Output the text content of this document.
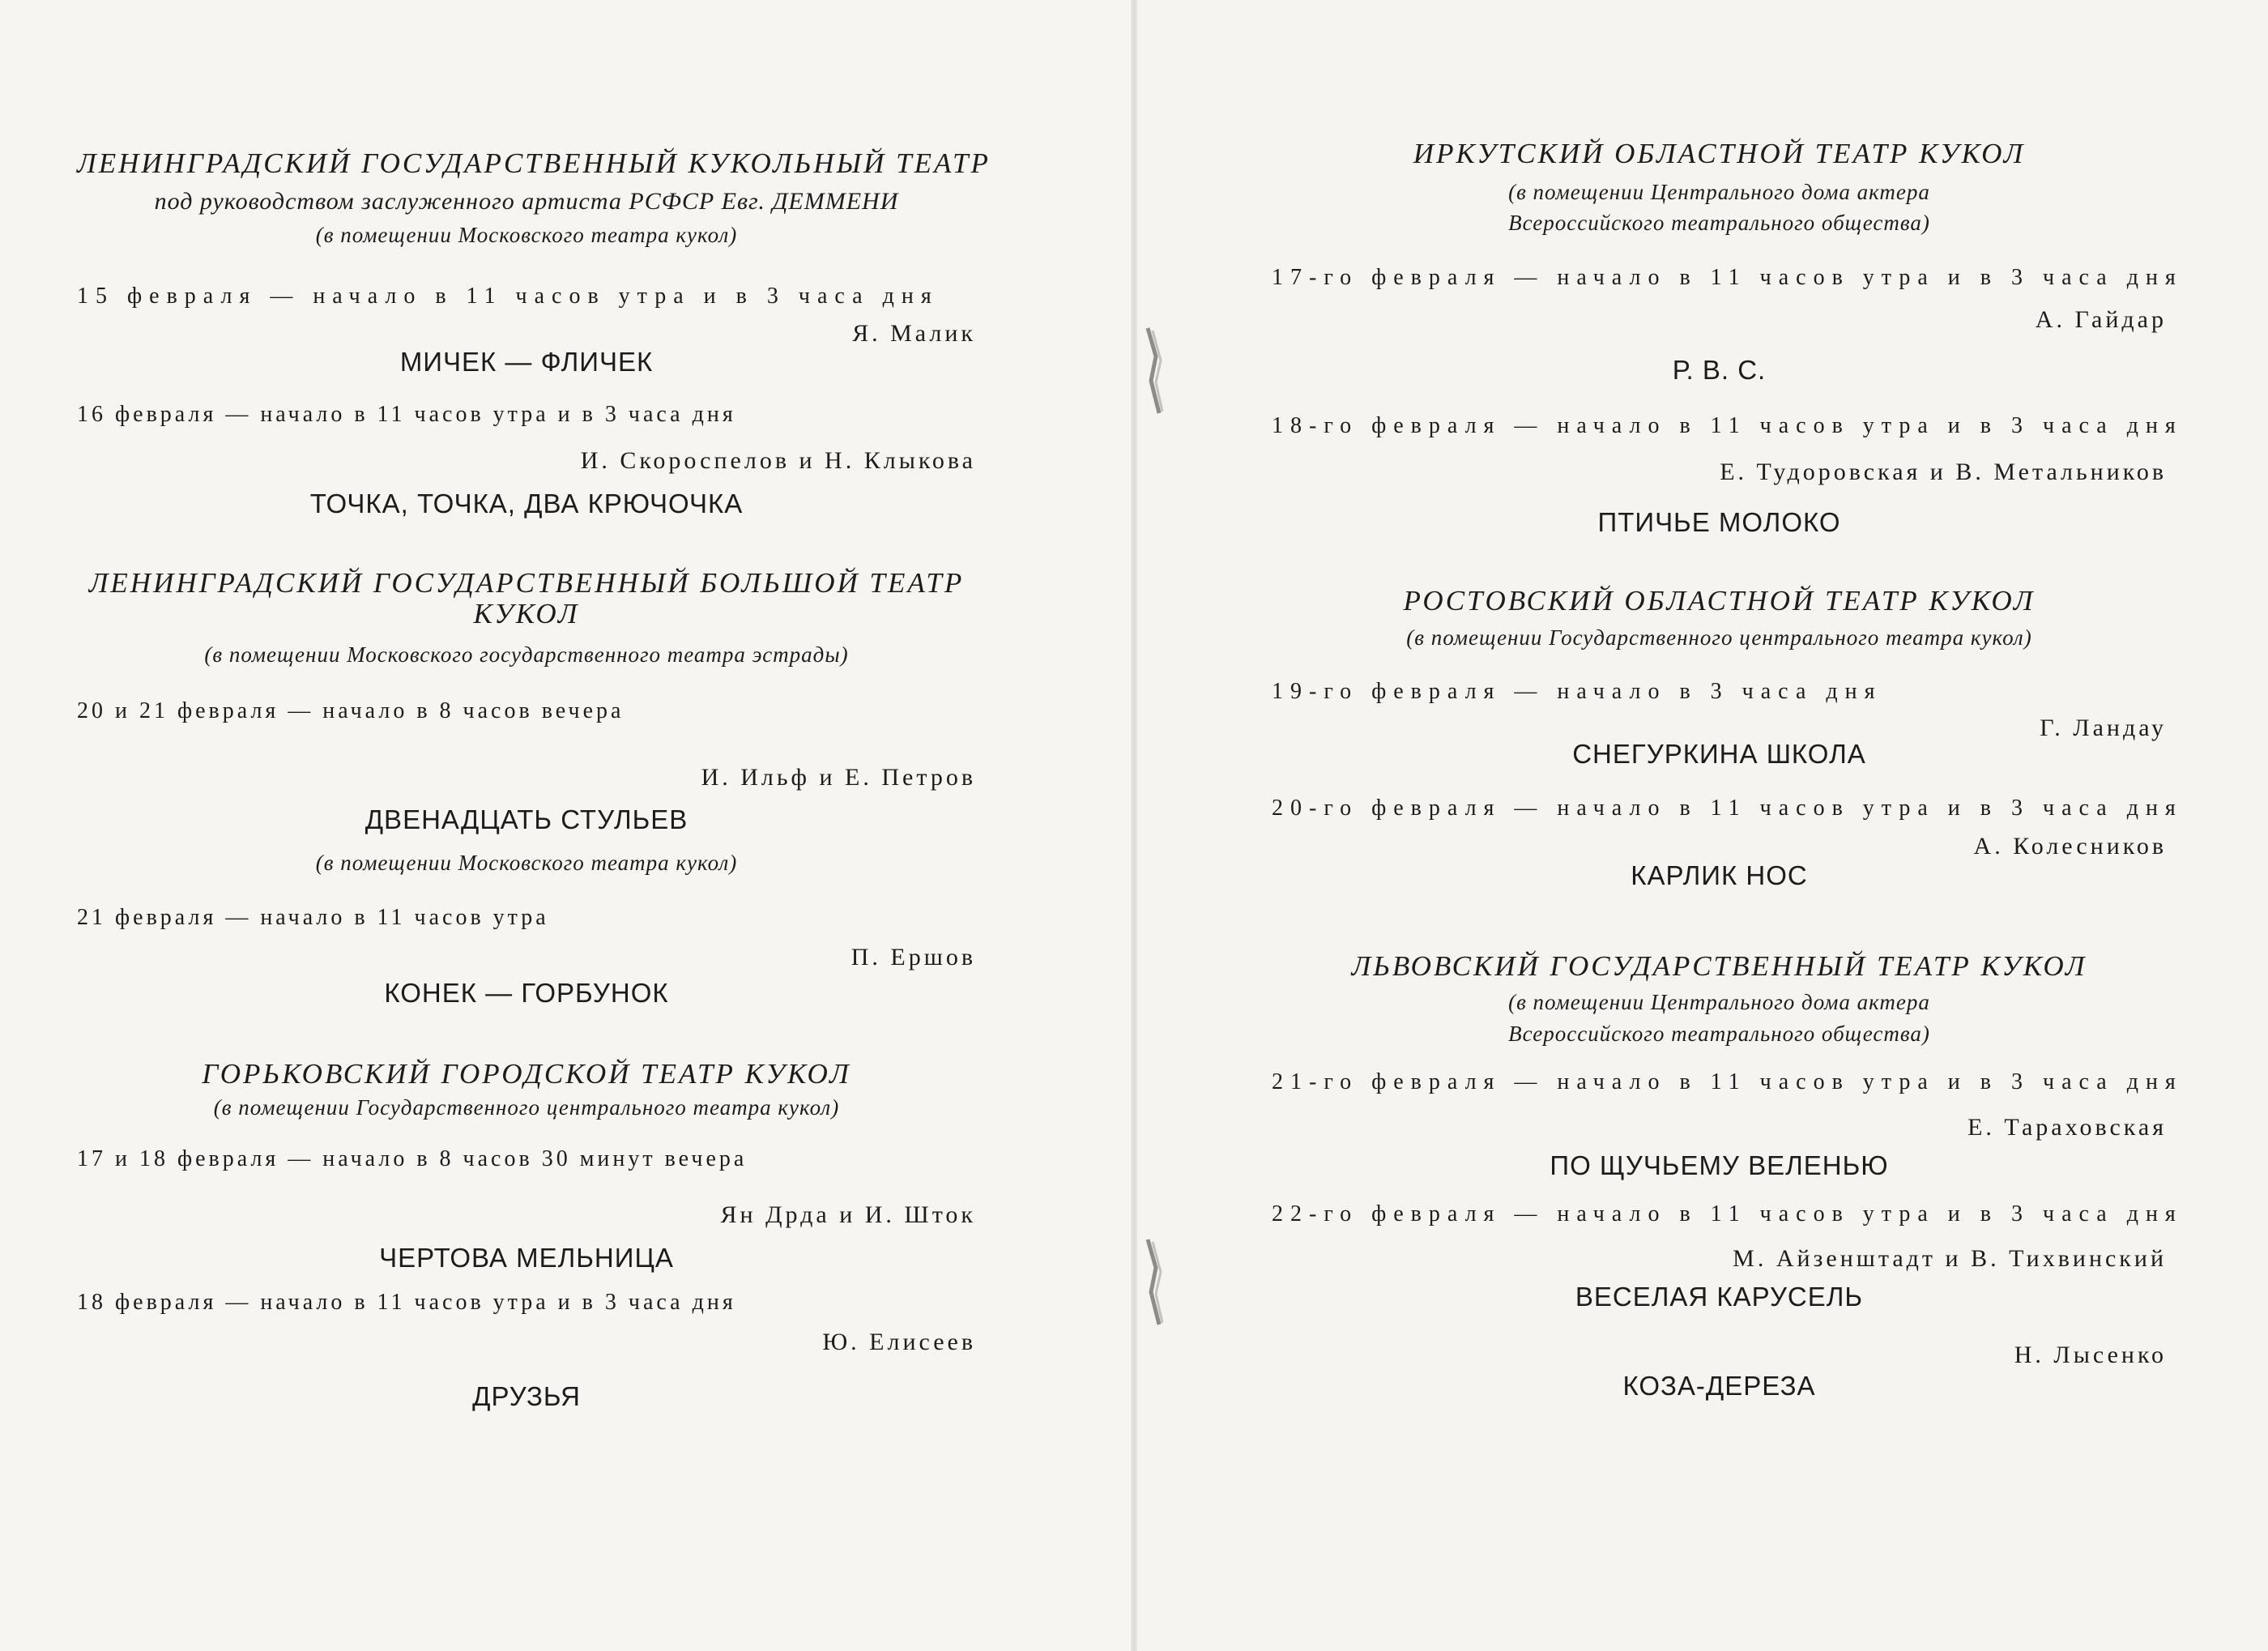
ЛЕНИНГРАДСКИЙ ГОСУДАРСТВЕННЫЙ КУКОЛЬНЫЙ ТЕАТР
под руководством заслуженного артиста РСФСР Евг. ДЕММЕНИ
(в помещении Московского театра кукол)
15 февраля — начало в 11 часов утра и в 3 часа дня
Я. Малик
МИЧЕК — ФЛИЧЕК
16 февраля — начало в 11 часов утра и в 3 часа дня
И. Скороспелов и Н. Клыкова
ТОЧКА, ТОЧКА, ДВА КРЮЧОЧКА
ЛЕНИНГРАДСКИЙ ГОСУДАРСТВЕННЫЙ БОЛЬШОЙ ТЕАТР
КУКОЛ
(в помещении Московского государственного театра эстрады)
20 и 21 февраля — начало в 8 часов вечера
И. Ильф и Е. Петров
ДВЕНАДЦАТЬ СТУЛЬЕВ
(в помещении Московского театра кукол)
21 февраля — начало в 11 часов утра
П. Ершов
КОНЕК — ГОРБУНОК
ГОРЬКОВСКИЙ ГОРОДСКОЙ ТЕАТР КУКОЛ
(в помещении Государственного центрального театра кукол)
17 и 18 февраля — начало в 8 часов 30 минут вечера
Ян Дрда и И. Шток
ЧЕРТОВА МЕЛЬНИЦА
18 февраля — начало в 11 часов утра и в 3 часа дня
Ю. Елисеев
ДРУЗЬЯ
ИРКУТСКИЙ ОБЛАСТНОЙ ТЕАТР КУКОЛ
(в помещении Центрального дома актера
Всероссийского театрального общества)
17-го февраля — начало в 11 часов утра и в 3 часа дня
А. Гайдар
Р. В. С.
18-го февраля — начало в 11 часов утра и в 3 часа дня
Е. Тудоровская и В. Метальников
ПТИЧЬЕ МОЛОКО
РОСТОВСКИЙ ОБЛАСТНОЙ ТЕАТР КУКОЛ
(в помещении Государственного центрального театра кукол)
19-го февраля — начало в 3 часа дня
Г. Ландау
СНЕГУРКИНА ШКОЛА
20-го февраля — начало в 11 часов утра и в 3 часа дня
А. Колесников
КАРЛИК НОС
ЛЬВОВСКИЙ ГОСУДАРСТВЕННЫЙ ТЕАТР КУКОЛ
(в помещении Центрального дома актера
Всероссийского театрального общества)
21-го февраля — начало в 11 часов утра и в 3 часа дня
Е. Тараховская
ПО ЩУЧЬЕМУ ВЕЛЕНЬЮ
22-го февраля — начало в 11 часов утра и в 3 часа дня
М. Айзенштадт и В. Тихвинский
ВЕСЕЛАЯ КАРУСЕЛЬ
Н. Лысенко
КОЗА-ДЕРЕЗА
